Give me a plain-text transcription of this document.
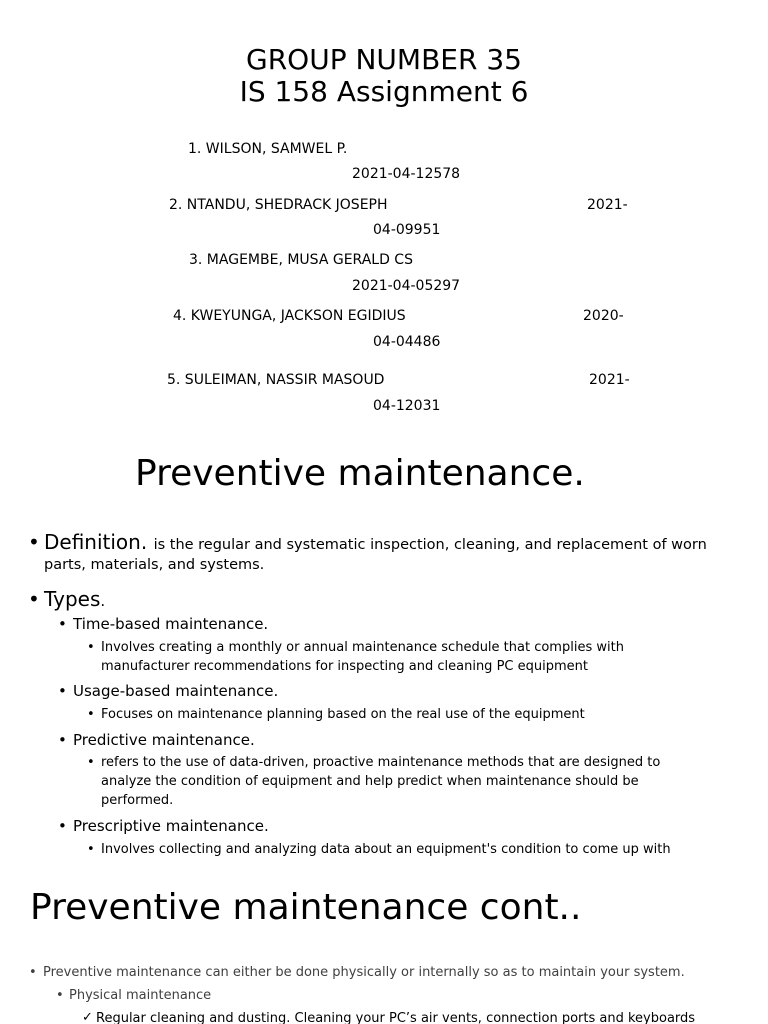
GROUP NUMBER 35
IS 158 Assignment 6
1. WILSON, SAMWEL P.
2021-04-12578
2. NTANDU, SHEDRACK JOSEPH	2021-
04-09951
3. MAGEMBE, MUSA GERALD CS
2021-04-05297
4. KWEYUNGA, JACKSON EGIDIUS	2020-
04-04486
5. SULEIMAN, NASSIR MASOUD	2021-
04-12031
Preventive maintenance.
• Definition. is the regular and systematic inspection, cleaning, and replacement of worn
parts, materials, and systems.
• Types.
• Time-based maintenance.
• Involves creating a monthly or annual maintenance schedule that complies with
manufacturer recommendations for inspecting and cleaning PC equipment
• Usage-based maintenance.
• Focuses on maintenance planning based on the real use of the equipment
• Predictive maintenance.
• refers to the use of data-driven, proactive maintenance methods that are designed to
analyze the condition of equipment and help predict when maintenance should be
performed.
• Prescriptive maintenance.
• Involves collecting and analyzing data about an equipment's condition to come up with
Preventive maintenance cont..
• Preventive maintenance can either be done physically or internally so as to maintain your system.
• Physical maintenance
✓ Regular cleaning and dusting. Cleaning your PC’s air vents, connection ports and keyboards
